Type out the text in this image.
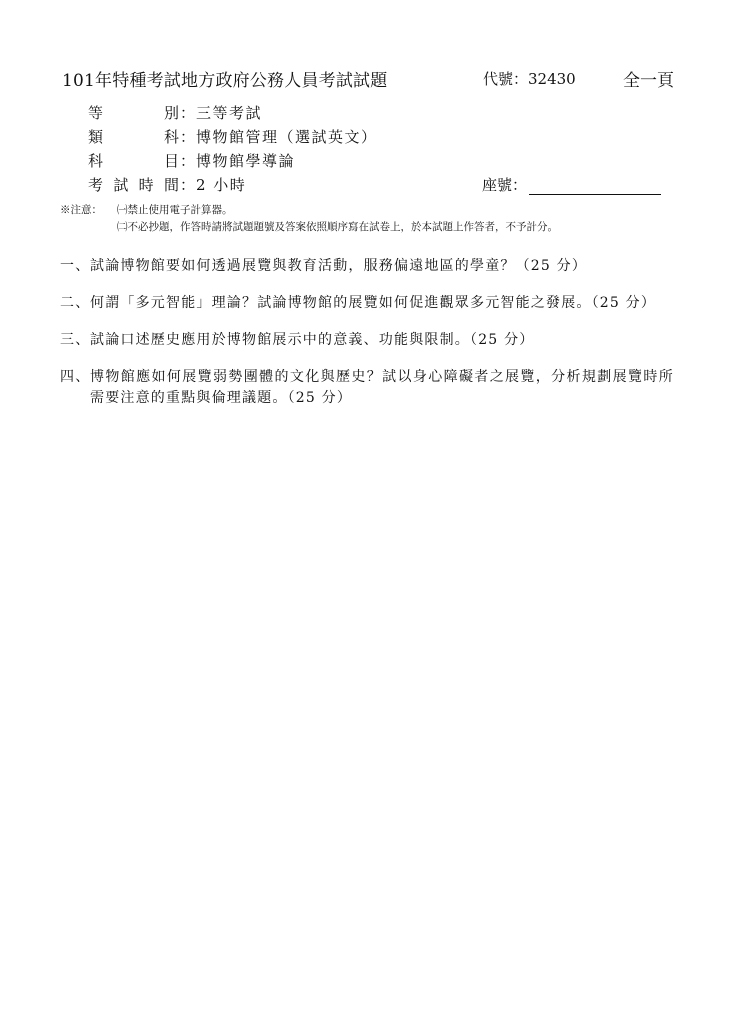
101年特種考試地方政府公務人員考試試題	代號：32430	全一頁
等別 ： 三等考試
類科 ： 博物館管理（選試英文）
科目 ： 博物館學導論
考試時間 ： 2 小時	座號：
※注意：	㈠禁止使用電子計算器。
㈡不必抄題，作答時請將試題題號及答案依照順序寫在試卷上，於本試題上作答者，不予計分。
一、 試論博物館要如何透過展覽與教育活動，服務偏遠地區的學童？（25 分）
二、 何謂「多元智能」理論？試論博物館的展覽如何促進觀眾多元智能之發展。（25 分）
三、 試論口述歷史應用於博物館展示中的意義、功能與限制。（25 分）
四、 博物館應如何展覽弱勢團體的文化與歷史？試以身心障礙者之展覽，分析規劃展覽時所需要注意的重點與倫理議題。（25 分）
